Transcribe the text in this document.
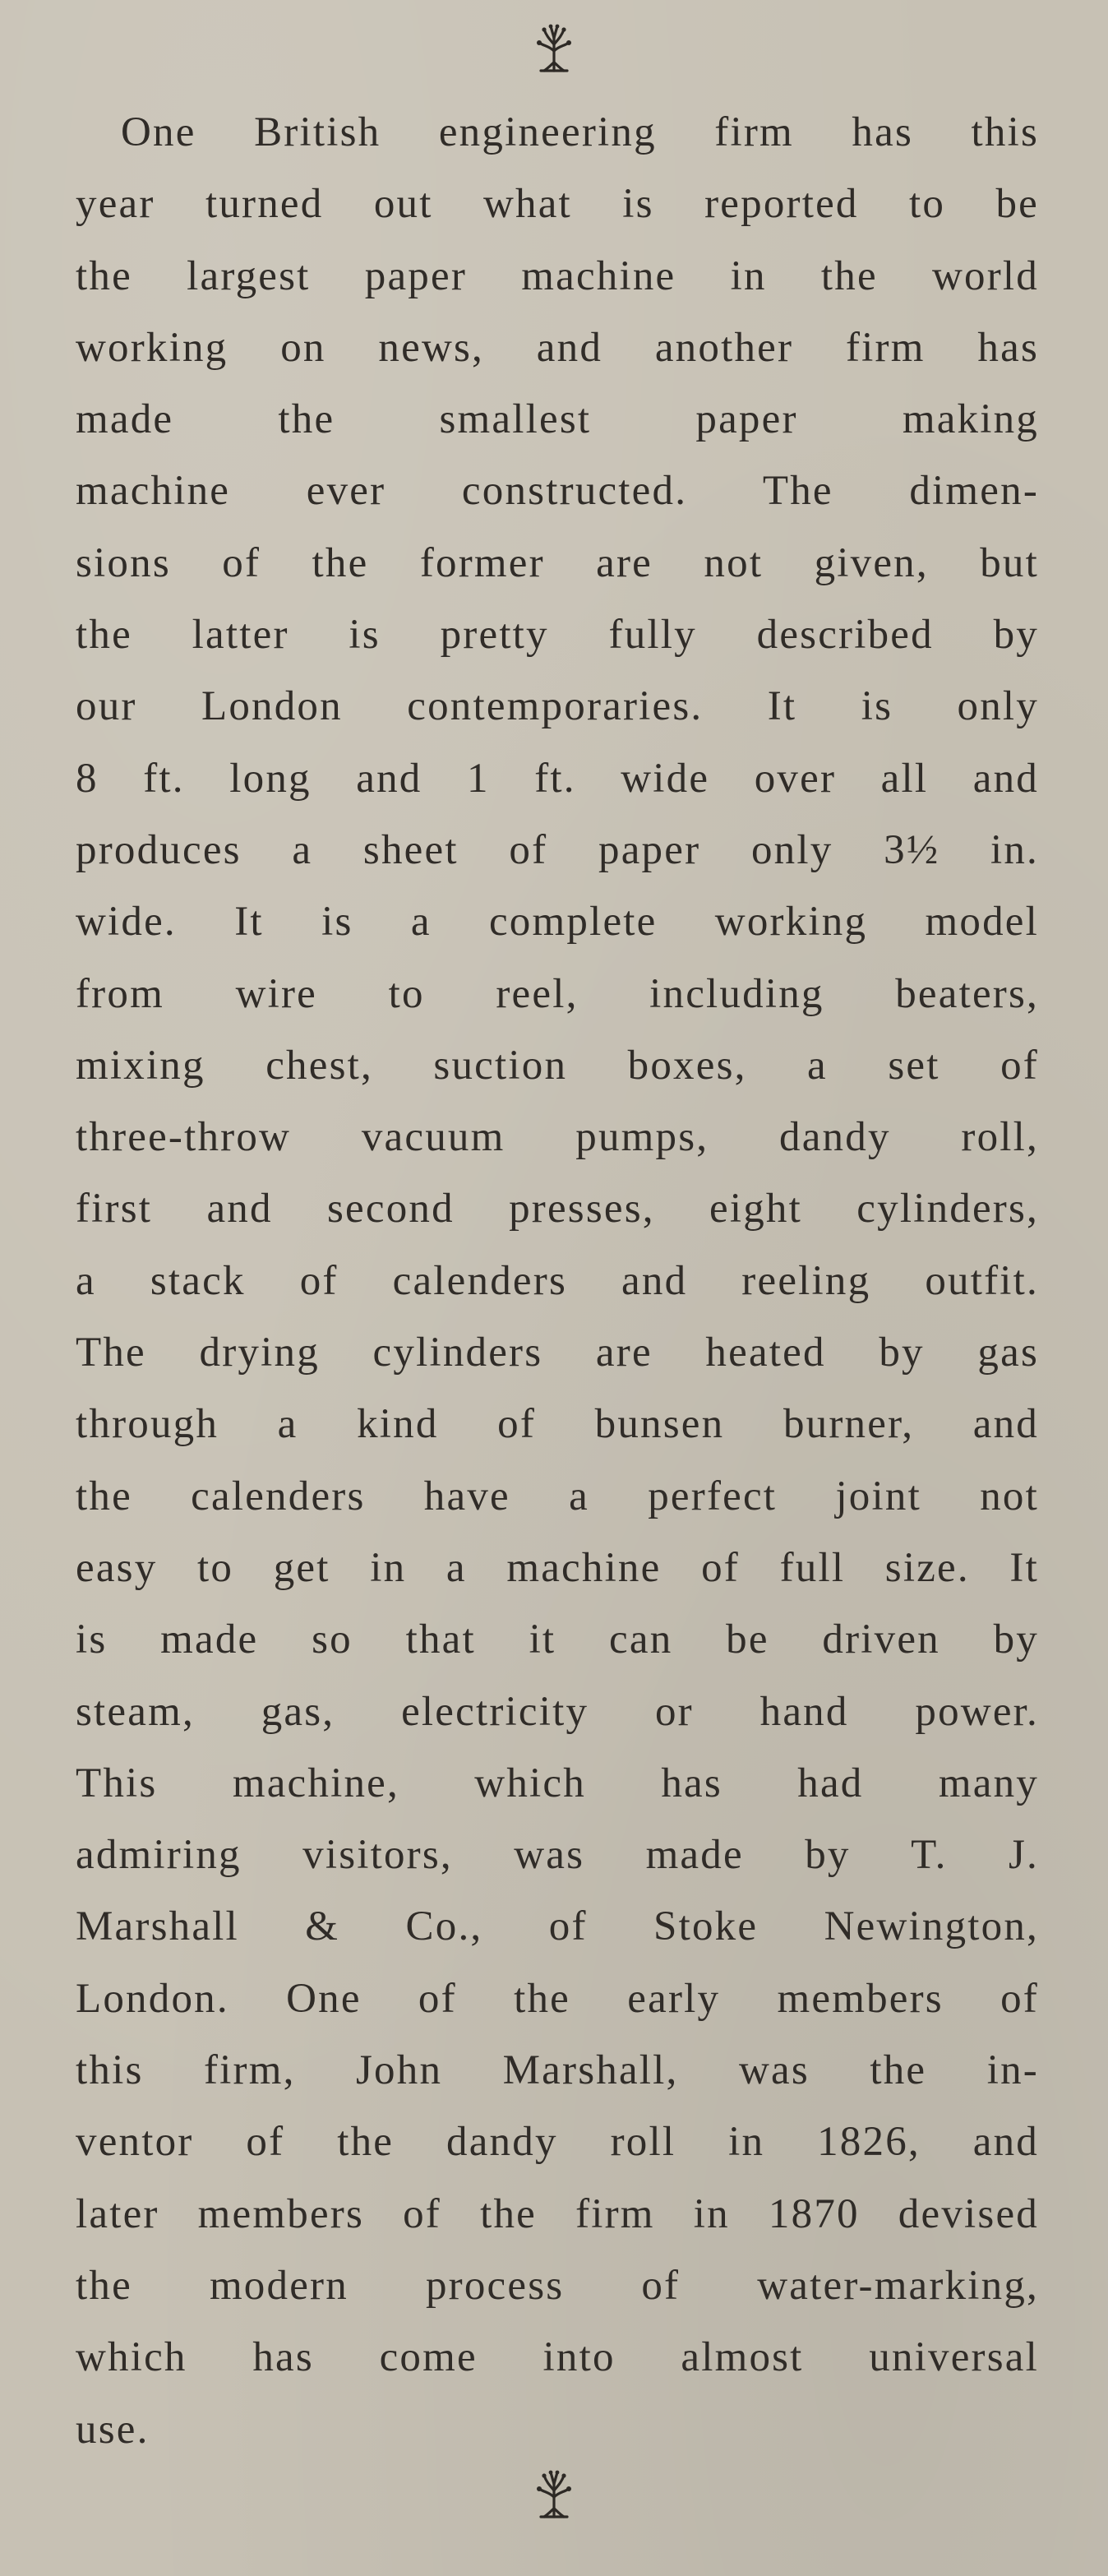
One British engineering firm has this
year turned out what is reported to be
the largest paper machine in the world
working on news, and another firm has
made the smallest paper making
machine ever constructed. The dimen-
sions of the former are not given, but
the latter is pretty fully described by
our London contemporaries. It is only
8 ft. long and 1 ft. wide over all and
produces a sheet of paper only 3½ in.
wide. It is a complete working model
from wire to reel, including beaters,
mixing chest, suction boxes, a set of
three-throw vacuum pumps, dandy roll,
first and second presses, eight cylinders,
a stack of calenders and reeling outfit.
The drying cylinders are heated by gas
through a kind of bunsen burner, and
the calenders have a perfect joint not
easy to get in a machine of full size. It
is made so that it can be driven by
steam, gas, electricity or hand power.
This machine, which has had many
admiring visitors, was made by T. J.
Marshall & Co., of Stoke Newington,
London. One of the early members of
this firm, John Marshall, was the in-
ventor of the dandy roll in 1826, and
later members of the firm in 1870 devised
the modern process of water-marking,
which has come into almost universal
use.
